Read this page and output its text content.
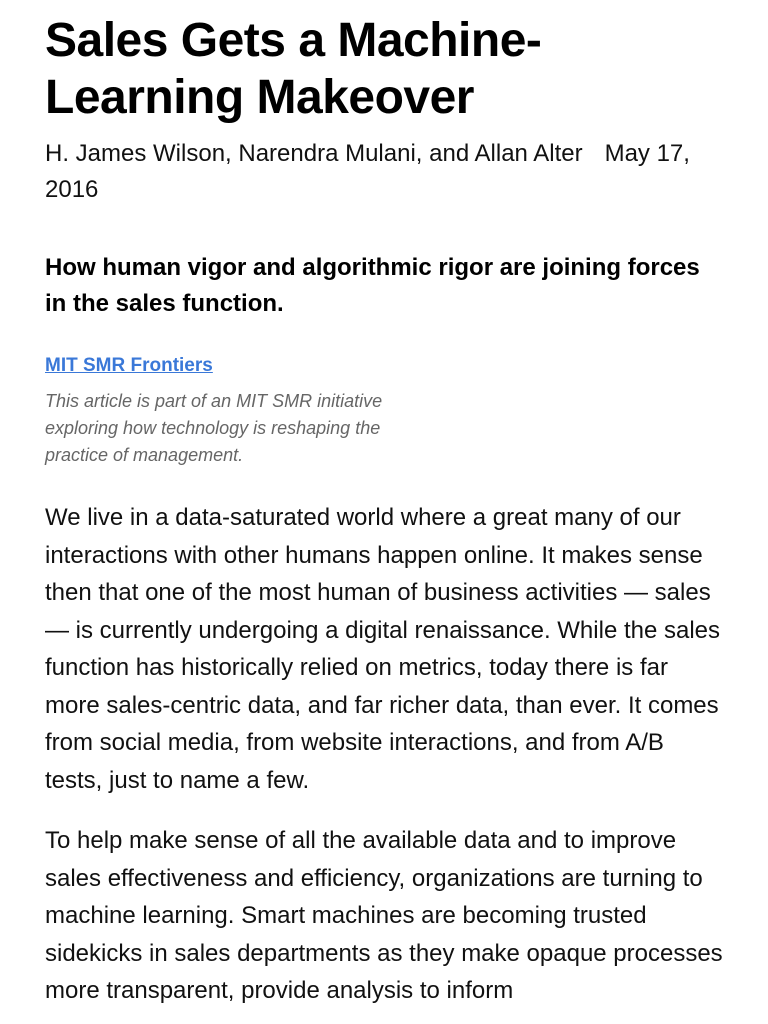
Sales Gets a Machine-Learning Makeover

H. James Wilson, Narendra Mulani, and Allan Alter May 17, 2016

How human vigor and algorithmic rigor are joining forces in the sales function.

MIT SMR Frontiers

This article is part of an MIT SMR initiative exploring how technology is reshaping the practice of management.

We live in a data-saturated world where a great many of our interactions with other humans happen online. It makes sense then that one of the most human of business activities — sales — is currently undergoing a digital renaissance. While the sales function has historically relied on metrics, today there is far more sales-centric data, and far richer data, than ever. It comes from social media, from website interactions, and from A/B tests, just to name a few.

To help make sense of all the available data and to improve sales effectiveness and efficiency, organizations are turning to machine learning. Smart machines are becoming trusted sidekicks in sales departments as they make opaque processes more transparent, provide analysis to inform
